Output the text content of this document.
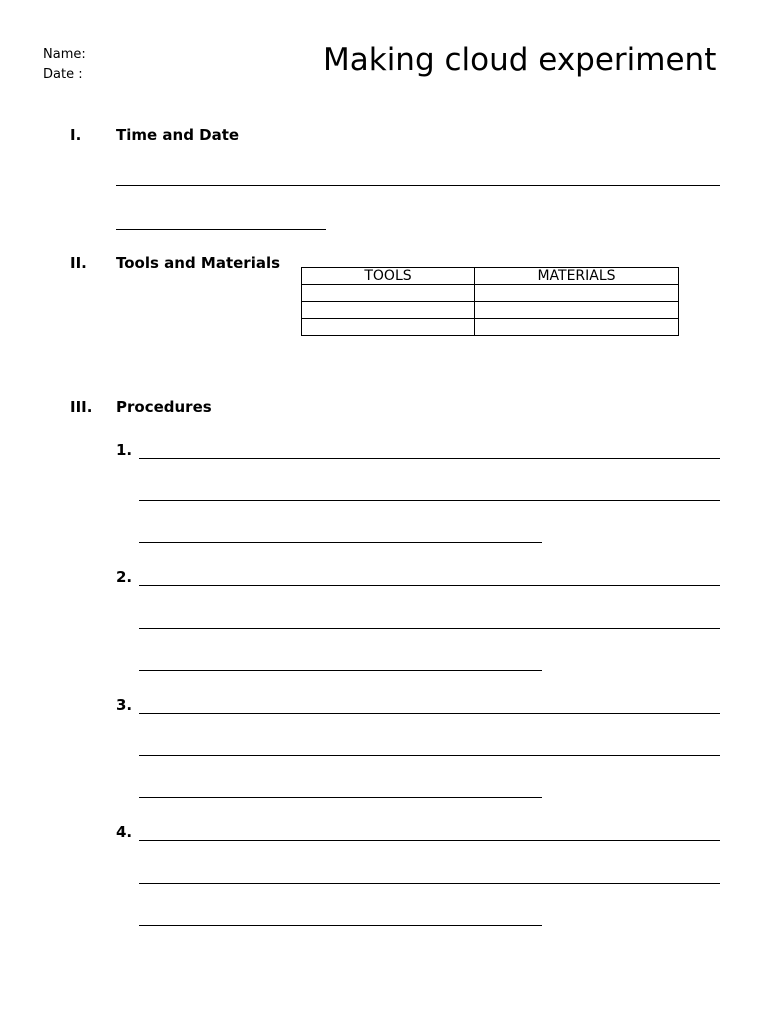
Name:
Date :	Making cloud experiment
I. Time and Date
II. Tools and Materials
TOOLS	MATERIALS

III. Procedures
1.
2.
3.
4.
